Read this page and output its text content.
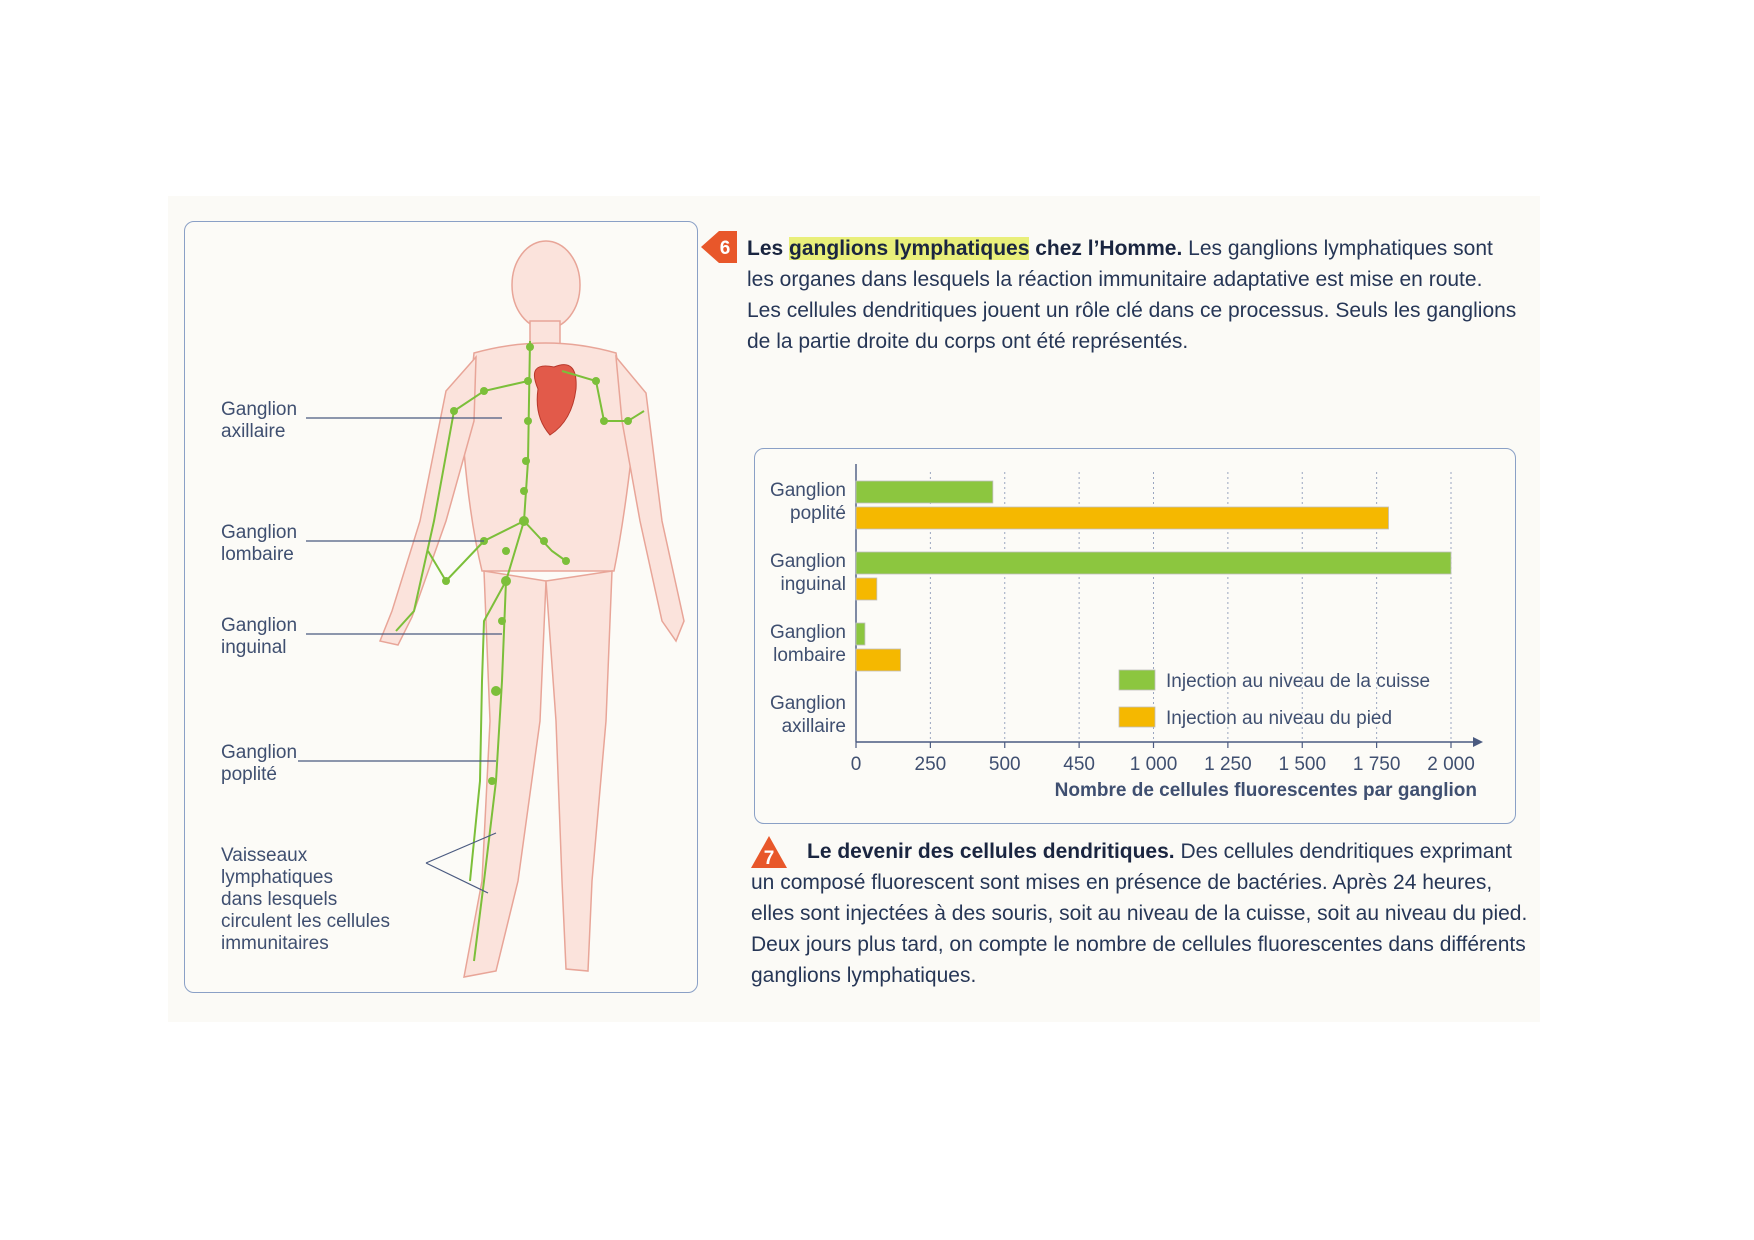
Ganglion
axillaire
Ganglion
lombaire
Ganglion
inguinal
Ganglion
poplité
Vaisseaux
lymphatiques
dans lesquels
circulent les cellules
immunitaires
6 Les ganglions lymphatiques chez l’Homme. Les ganglions lymphatiques sont les organes dans lesquels la réaction immunitaire adaptative est mise en route. Les cellules dendritiques jouent un rôle clé dans ce processus. Seuls les ganglions de la partie droite du corps ont été représentés.
0	250 500 450 1 000 1 250 1 500 1 750 2 000
Ganglion
poplité
Ganglion
inguinal
Ganglion
lombaire
Ganglion
axillaire
Injection au niveau de la cuisse
Injection au niveau du pied
Nombre de cellules fluorescentes par ganglion
7	Le devenir des cellules dendritiques. Des cellules dendritiques exprimant un composé fluorescent sont mises en présence de bactéries. Après 24 heures, elles sont injectées à des souris, soit au niveau de la cuisse, soit au niveau du pied. Deux jours plus tard, on compte le nombre de cellules fluorescentes dans différents ganglions lymphatiques.
